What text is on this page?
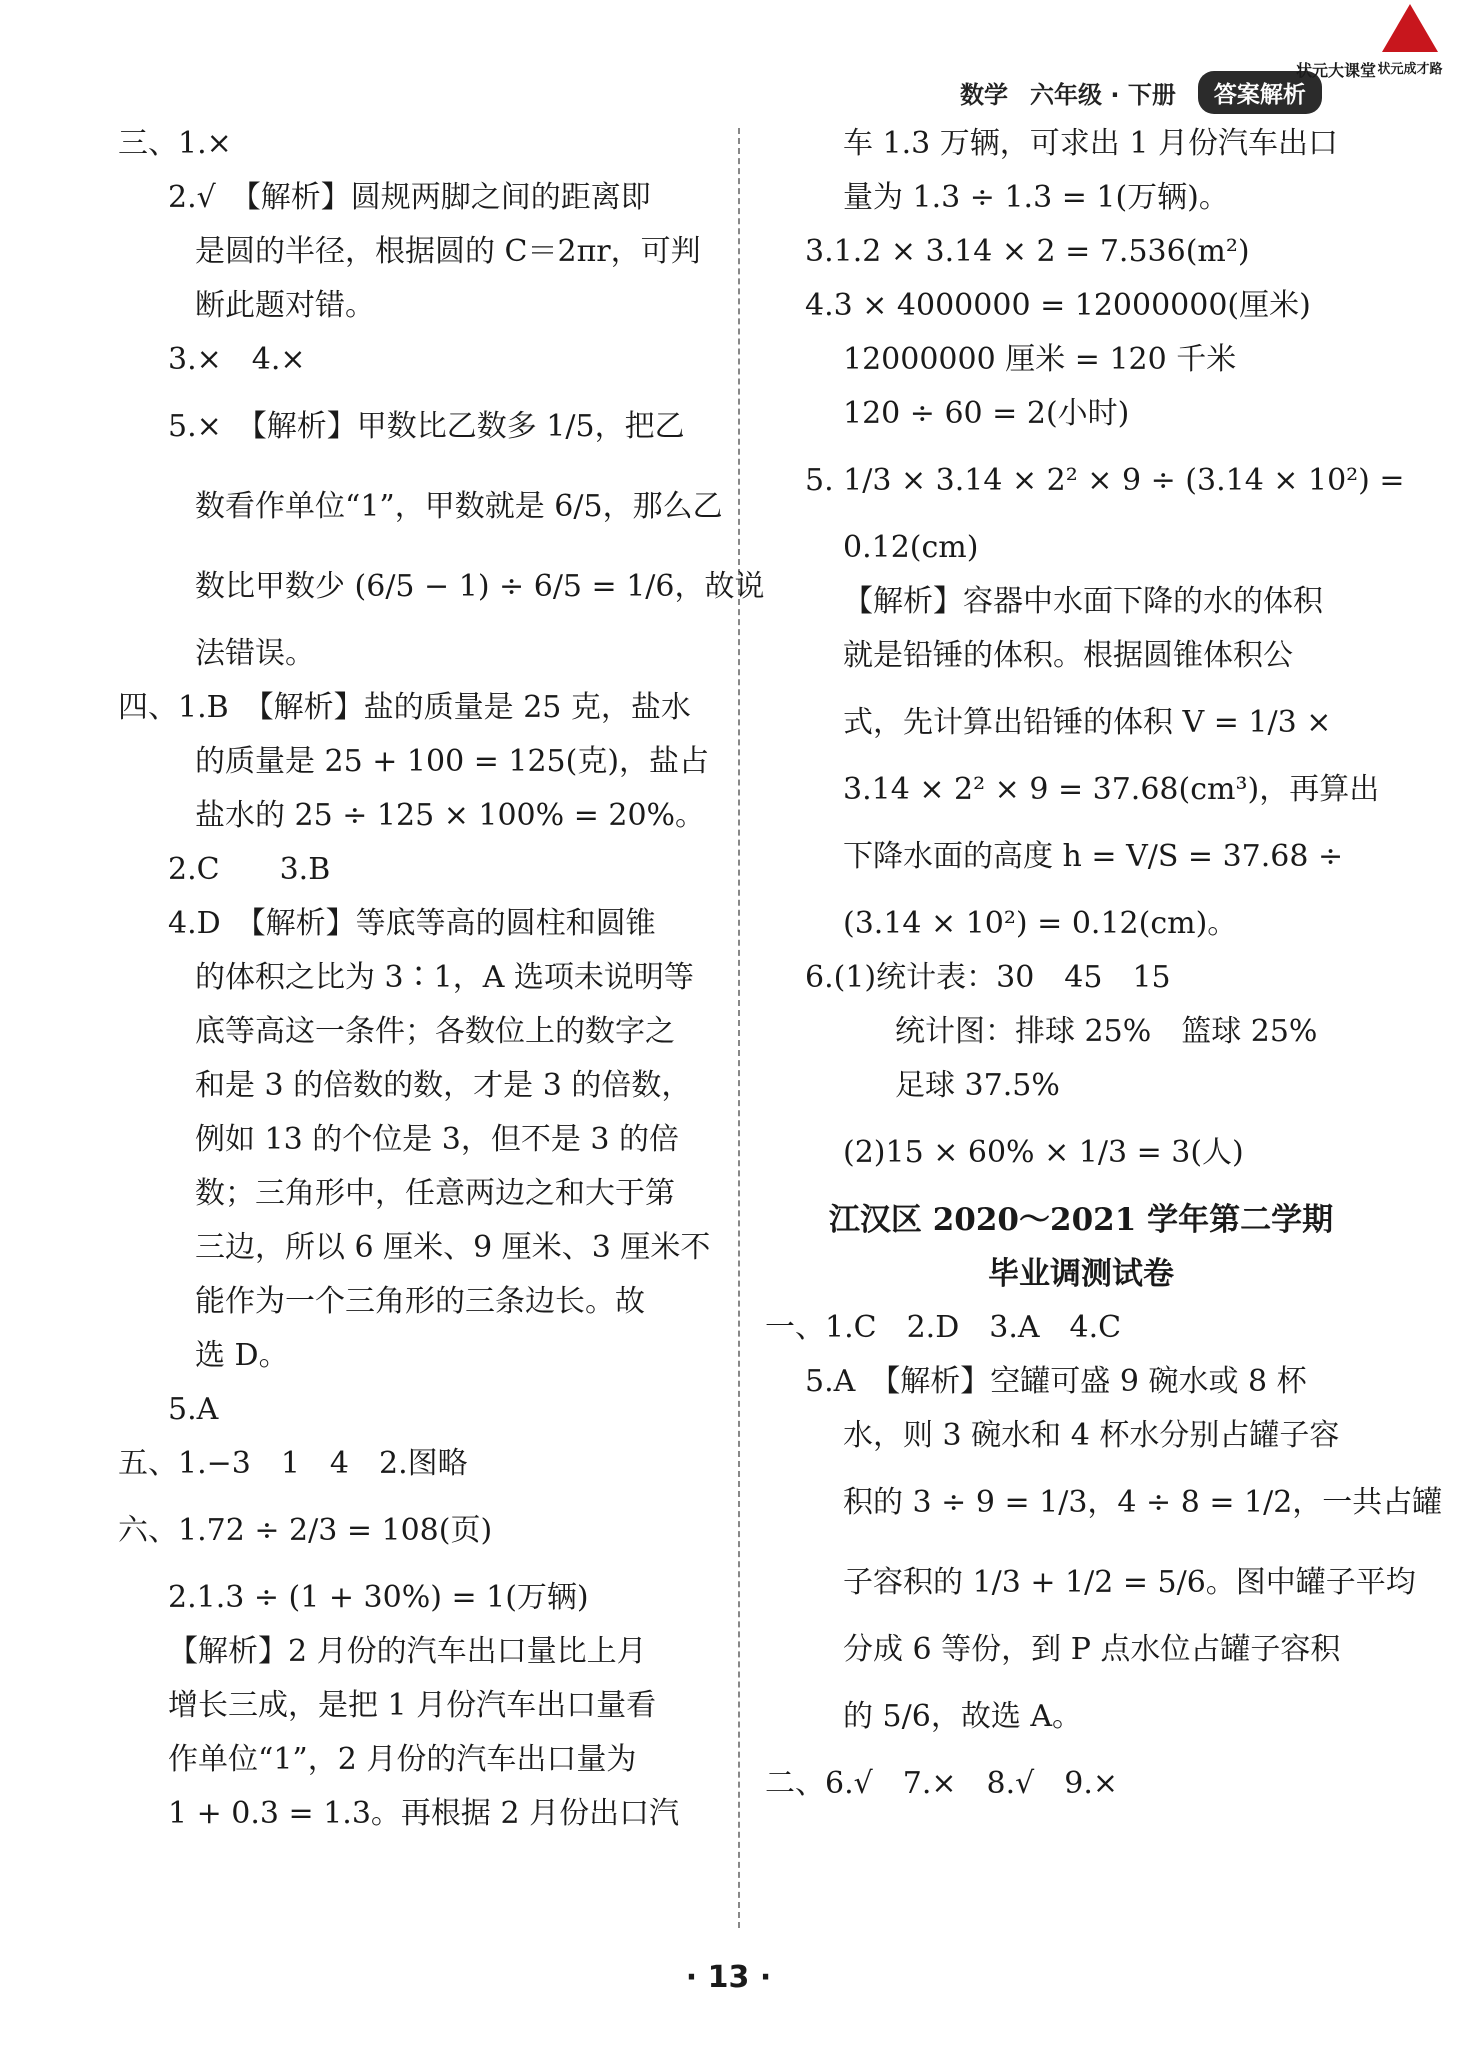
数学 六年级 · 下册	答案解析
状元大课堂 状元成才路
三、1.×
2.√　【解析】圆规两脚之间的距离即
是圆的半径，根据圆的 C＝2πr，可判
断此题对错。
3.×　4.×
5.×　【解析】甲数比乙数多 1/5，把乙
数看作单位“1”，甲数就是 6/5，那么乙
数比甲数少 (6/5 − 1) ÷ 6/5 = 1/6，故说
法错误。
四、1.B　【解析】盐的质量是 25 克，盐水
的质量是 25 + 100 = 125(克)，盐占
盐水的 25 ÷ 125 × 100% = 20%。
2.C　　3.B
4.D　【解析】等底等高的圆柱和圆锥
的体积之比为 3∶1，A 选项未说明等
底等高这一条件；各数位上的数字之
和是 3 的倍数的数，才是 3 的倍数，
例如 13 的个位是 3，但不是 3 的倍
数；三角形中，任意两边之和大于第
三边，所以 6 厘米、9 厘米、3 厘米不
能作为一个三角形的三条边长。故
选 D。
5.A
五、1.−3　1　4　2.图略
六、1.72 ÷ 2/3 = 108(页)
2.1.3 ÷ (1 + 30%) = 1(万辆)
【解析】2 月份的汽车出口量比上月
增长三成，是把 1 月份汽车出口量看
作单位“1”，2 月份的汽车出口量为
1 + 0.3 = 1.3。再根据 2 月份出口汽
车 1.3 万辆，可求出 1 月份汽车出口
量为 1.3 ÷ 1.3 = 1(万辆)。
3.1.2 × 3.14 × 2 = 7.536(m²)
4.3 × 4000000 = 12000000(厘米)
12000000 厘米 = 120 千米
120 ÷ 60 = 2(小时)
5. 1/3 × 3.14 × 2² × 9 ÷ (3.14 × 10²) =
0.12(cm)
【解析】容器中水面下降的水的体积
就是铅锤的体积。根据圆锥体积公
式，先计算出铅锤的体积 V = 1/3 ×
3.14 × 2² × 9 = 37.68(cm³)，再算出
下降水面的高度 h = V/S = 37.68 ÷
(3.14 × 10²) = 0.12(cm)。
6.(1)统计表：30　45　15
统计图：排球 25%　篮球 25%
足球 37.5%
(2)15 × 60% × 1/3 = 3(人)
江汉区 2020～2021 学年第二学期
毕业调测试卷
一、1.C　2.D　3.A　4.C
5.A　【解析】空罐可盛 9 碗水或 8 杯
水，则 3 碗水和 4 杯水分别占罐子容
积的 3 ÷ 9 = 1/3，4 ÷ 8 = 1/2，一共占罐
子容积的 1/3 + 1/2 = 5/6。图中罐子平均
分成 6 等份，到 P 点水位占罐子容积
的 5/6，故选 A。
二、6.√　7.×　8.√　9.×
· 13 ·
